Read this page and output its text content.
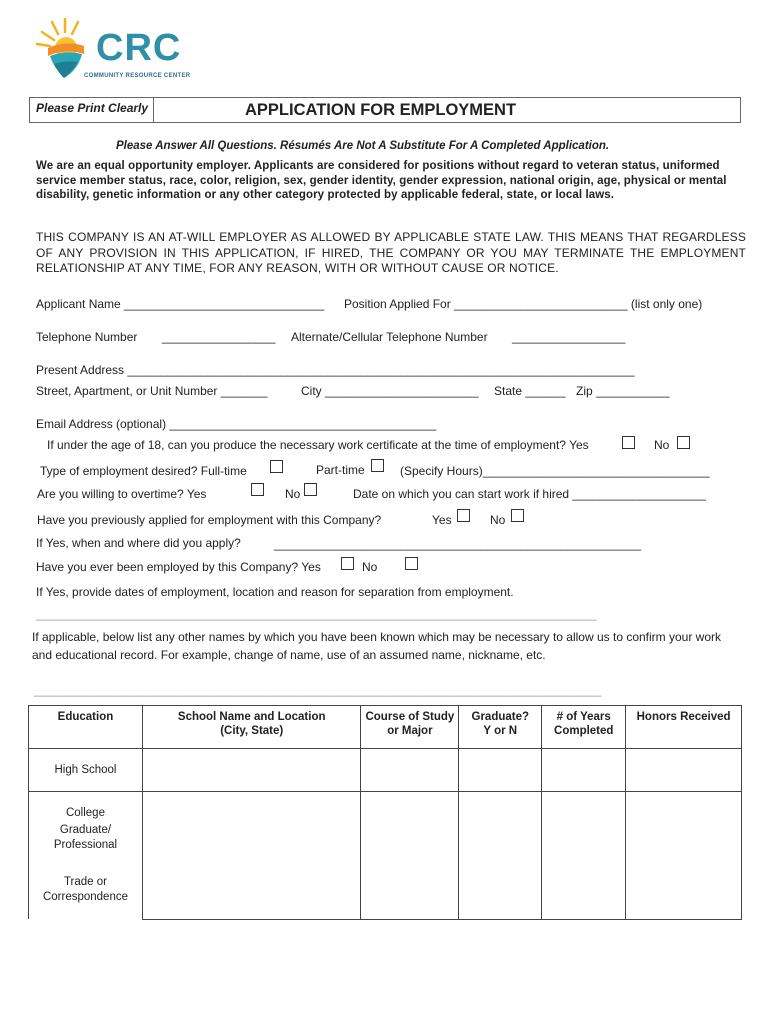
CRC
COMMUNITY RESOURCE CENTER
Please Print Clearly	APPLICATION FOR EMPLOYMENT
Please Answer All Questions. Résumés Are Not A Substitute For A Completed Application.
We are an equal opportunity employer. Applicants are considered for positions without regard to veteran status, uniformed service member status, race, color, religion, sex, gender identity, gender expression, national origin, age, physical or mental disability, genetic information or any other category protected by applicable federal, state, or local laws.
THIS COMPANY IS AN AT-WILL EMPLOYER AS ALLOWED BY APPLICABLE STATE LAW. THIS MEANS THAT REGARDLESS OF ANY PROVISION IN THIS APPLICATION, IF HIRED, THE COMPANY OR YOU MAY TERMINATE THE EMPLOYMENT RELATIONSHIP AT ANY TIME, FOR ANY REASON, WITH OR WITHOUT CAUSE OR NOTICE.
Applicant Name ______________________________ Position Applied For __________________________ (list only one)
Telephone Number _________________ Alternate/Cellular Telephone Number _________________
Present Address ____________________________________________________________________________
Street, Apartment, or Unit Number _______	City _______________________ State ______ Zip ___________
Email Address (optional) ________________________________________
If under the age of 18, can you produce the necessary work certificate at the time of employment? Yes	No
Type of employment desired? Full-time	Part-time	(Specify Hours)__________________________________
Are you willing to overtime? Yes	No	Date on which you can start work if hired ____________________
Have you previously applied for employment with this Company?	Yes	No
If Yes, when and where did you apply?	_______________________________________________________
Have you ever been employed by this Company? Yes	No
If Yes, provide dates of employment, location and reason for separation from employment.
____________________________________________________________________________________
If applicable, below list any other names by which you have been known which may be necessary to allow us to confirm your work and educational record. For example, change of name, use of an assumed name, nickname, etc.
_____________________________________________________________________________________
Education	School Name and Location (City, State)	Course of Study or Major	Graduate? Y or N	# of Years Completed	Honors Received
High School					

College
Graduate/ Professional
Trade or Correspondence					
